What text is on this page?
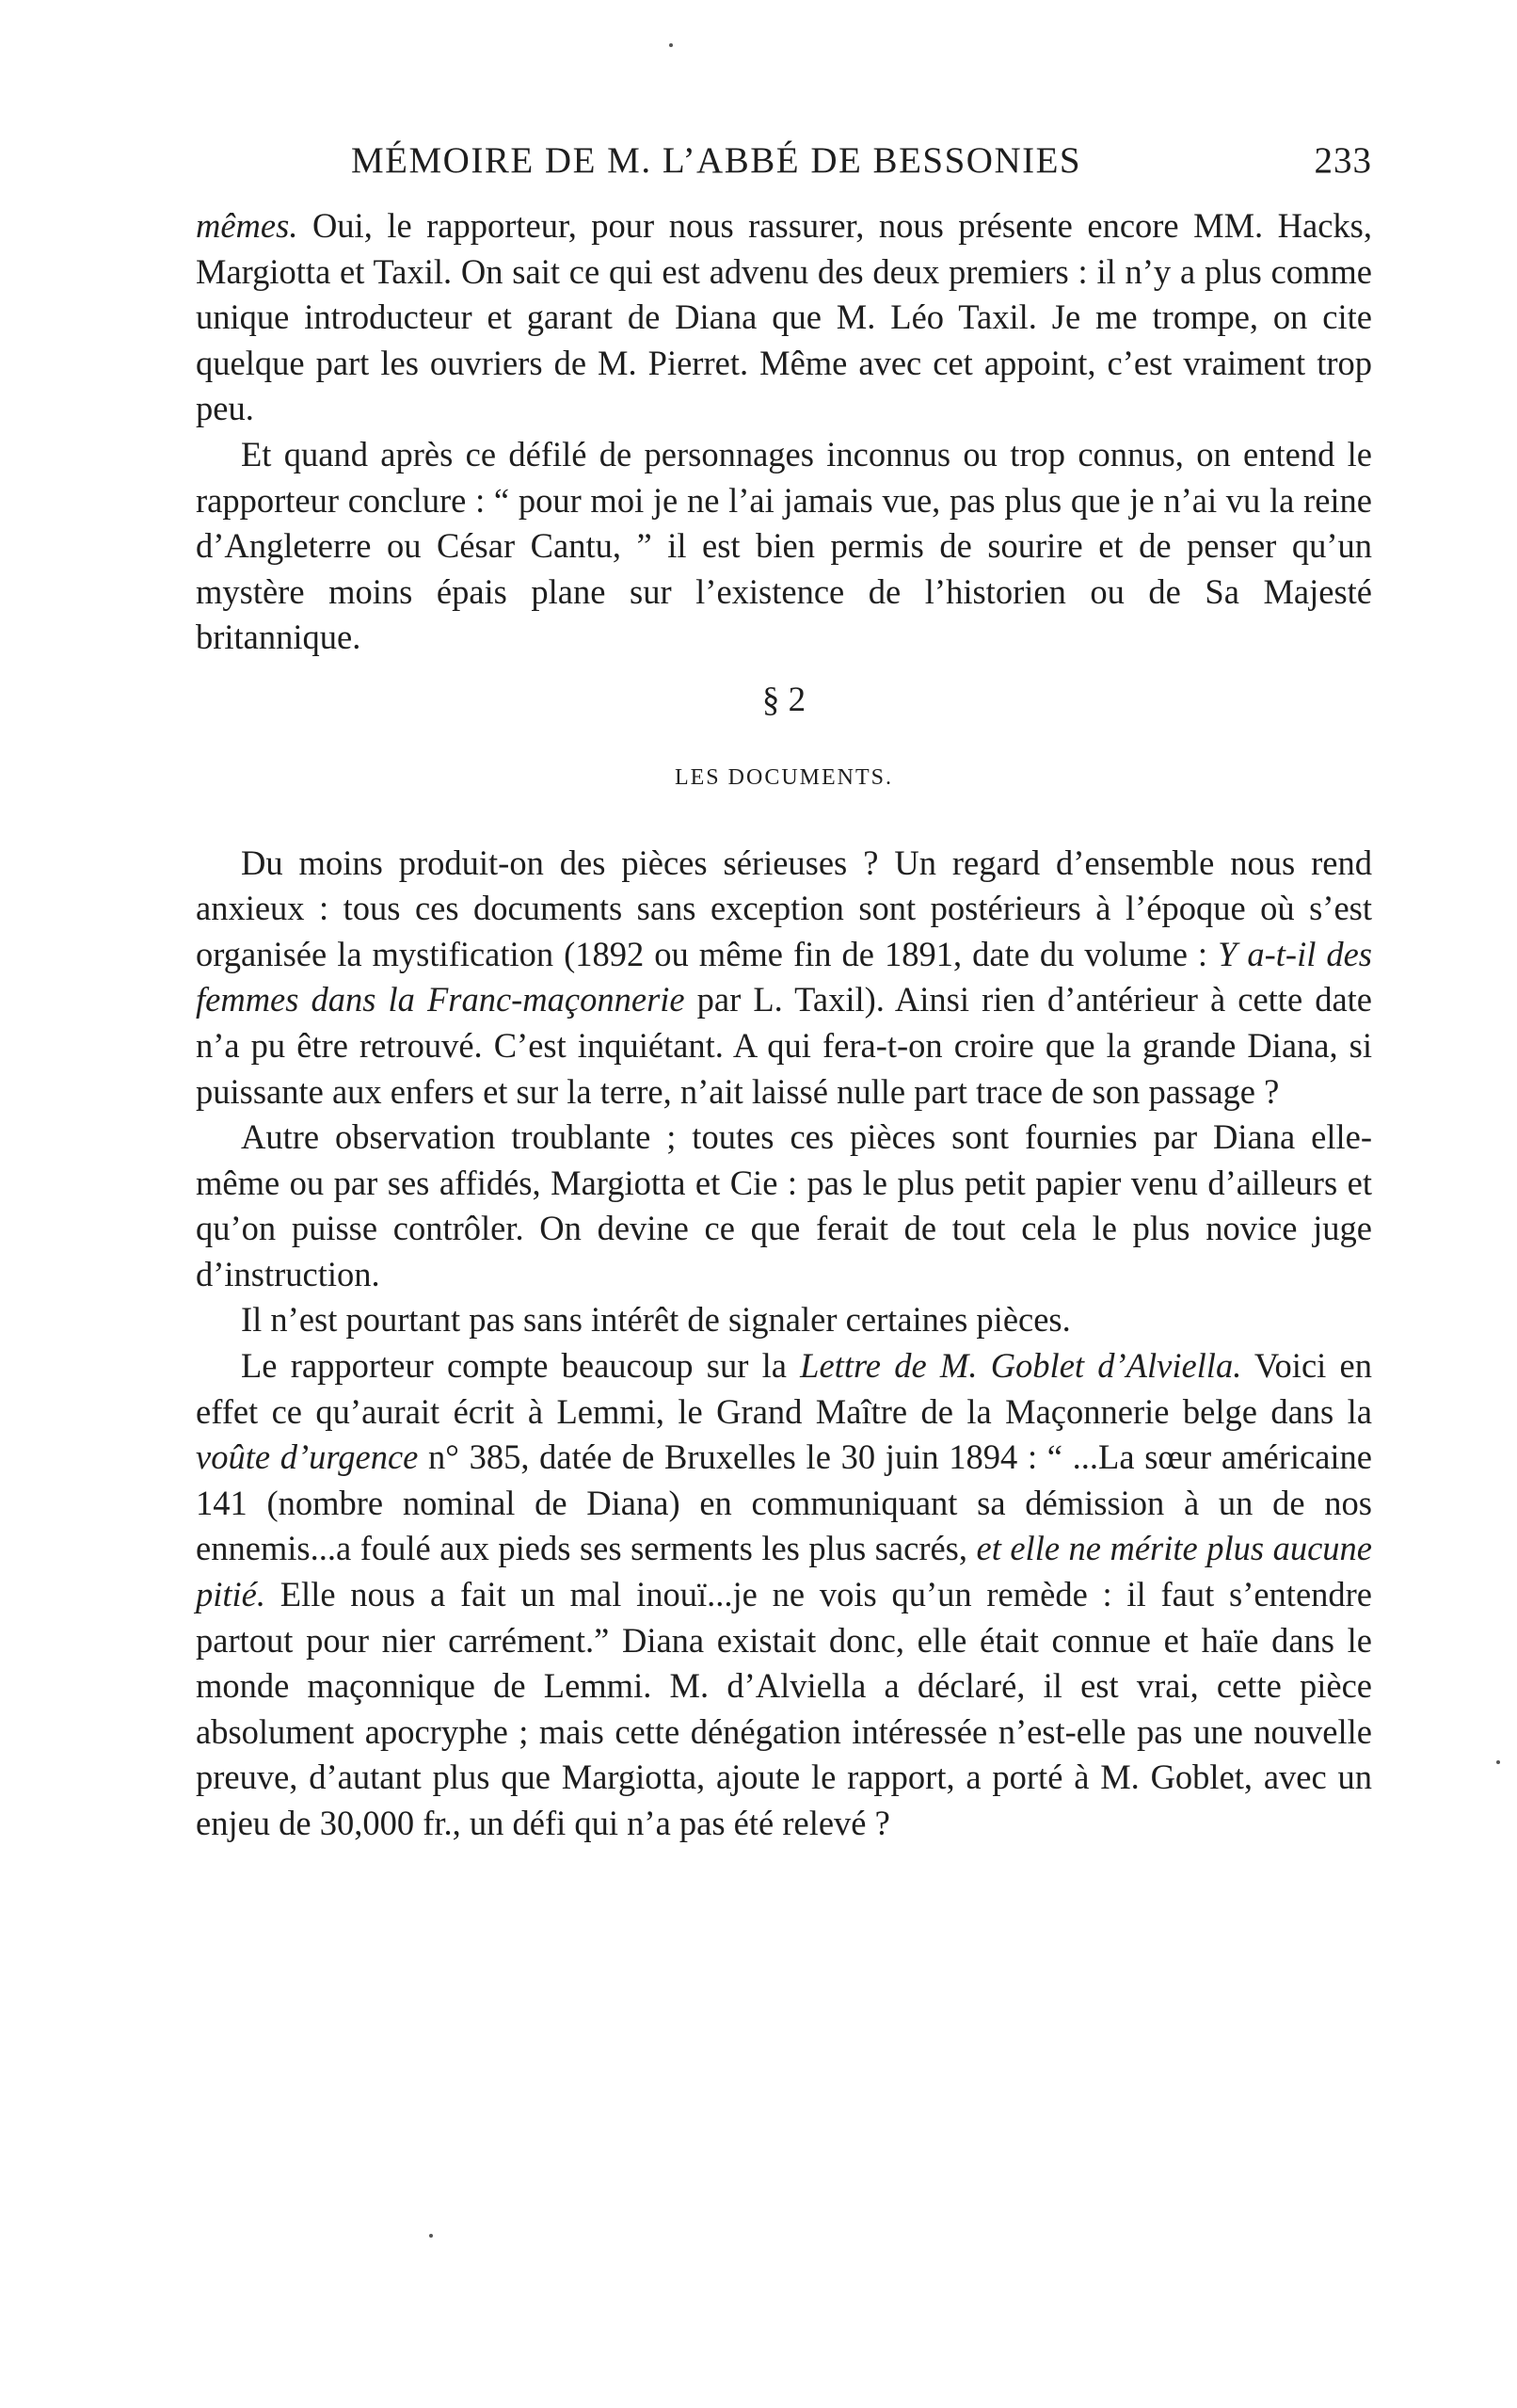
MÉMOIRE DE M. L’ABBÉ DE BESSONIES	233

mêmes. Oui, le rapporteur, pour nous rassurer, nous présente encore MM. Hacks, Margiotta et Taxil. On sait ce qui est advenu des deux premiers : il n’y a plus comme unique introducteur et garant de Diana que M. Léo Taxil. Je me trompe, on cite quelque part les ouvriers de M. Pierret. Même avec cet appoint, c’est vraiment trop peu.

Et quand après ce défilé de personnages inconnus ou trop connus, on entend le rapporteur conclure : “ pour moi je ne l’ai jamais vue, pas plus que je n’ai vu la reine d’Angleterre ou César Cantu, ” il est bien permis de sourire et de penser qu’un mystère moins épais plane sur l’existence de l’historien ou de Sa Majesté britannique.

§ 2
LES DOCUMENTS.

Du moins produit-on des pièces sérieuses ? Un regard d’ensemble nous rend anxieux : tous ces documents sans exception sont postérieurs à l’époque où s’est organisée la mystification (1892 ou même fin de 1891, date du volume : Y a-t-il des femmes dans la Franc-maçonnerie par L. Taxil). Ainsi rien d’antérieur à cette date n’a pu être retrouvé. C’est inquiétant. A qui fera-t-on croire que la grande Diana, si puissante aux enfers et sur la terre, n’ait laissé nulle part trace de son passage ?

Autre observation troublante ; toutes ces pièces sont fournies par Diana elle-même ou par ses affidés, Margiotta et Cie : pas le plus petit papier venu d’ailleurs et qu’on puisse contrôler. On devine ce que ferait de tout cela le plus novice juge d’instruction.

Il n’est pourtant pas sans intérêt de signaler certaines pièces.

Le rapporteur compte beaucoup sur la Lettre de M. Goblet d’Alviella. Voici en effet ce qu’aurait écrit à Lemmi, le Grand Maître de la Maçonnerie belge dans la voûte d’urgence n° 385, datée de Bruxelles le 30 juin 1894 : “ ...La sœur américaine 141 (nombre nominal de Diana) en communiquant sa démission à un de nos ennemis...a foulé aux pieds ses serments les plus sacrés, et elle ne mérite plus aucune pitié. Elle nous a fait un mal inouï...je ne vois qu’un remède : il faut s’entendre partout pour nier carrément.” Diana existait donc, elle était connue et haïe dans le monde maçonnique de Lemmi. M. d’Alviella a déclaré, il est vrai, cette pièce absolument apocryphe ; mais cette dénégation intéressée n’est-elle pas une nouvelle preuve, d’autant plus que Margiotta, ajoute le rapport, a porté à M. Goblet, avec un enjeu de 30,000 fr., un défi qui n’a pas été relevé ?
